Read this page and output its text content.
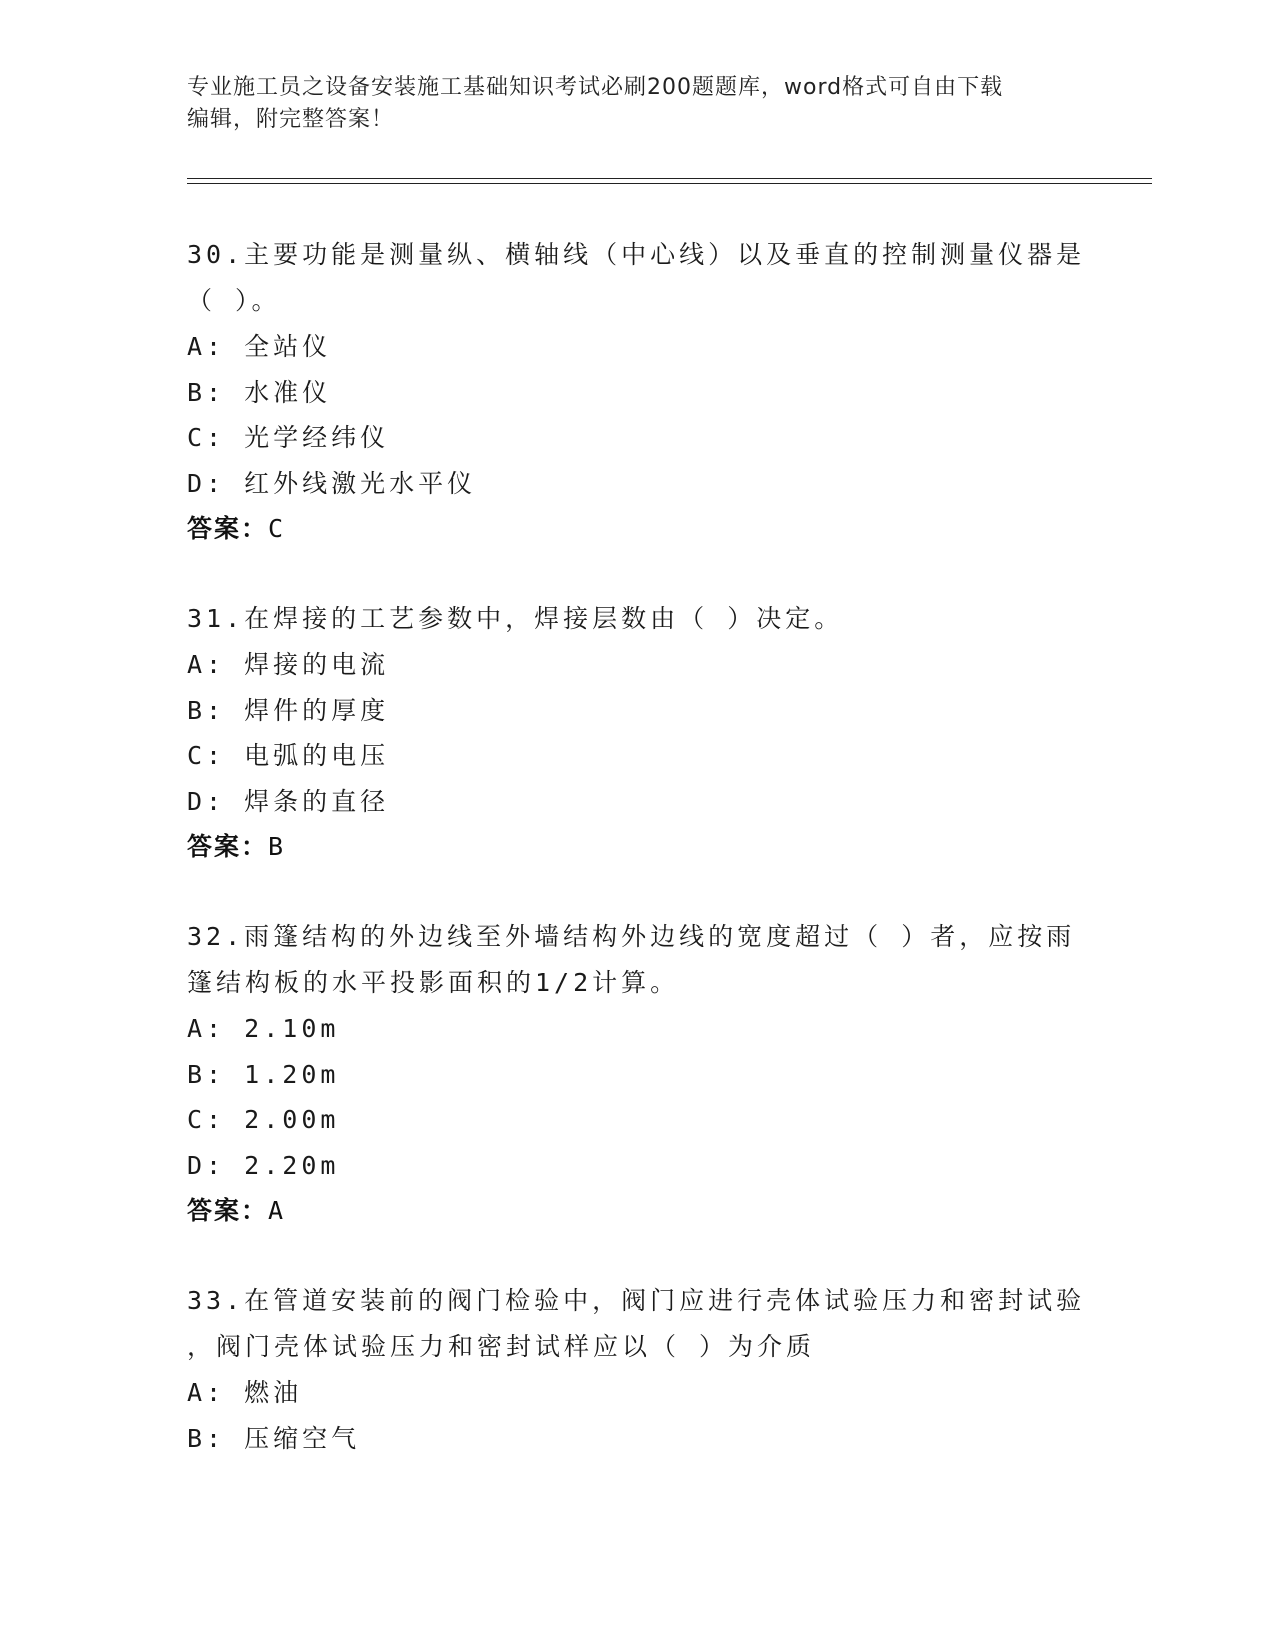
专业施工员之设备安装施工基础知识考试必刷200题题库，word格式可自由下载
编辑，附完整答案！
30.主要功能是测量纵、横轴线（中心线）以及垂直的控制测量仪器是
（ ）。
A: 全站仪
B: 水准仪
C: 光学经纬仪
D: 红外线激光水平仪
答案：C
31.在焊接的工艺参数中，焊接层数由（ ）决定。
A: 焊接的电流
B: 焊件的厚度
C: 电弧的电压
D: 焊条的直径
答案：B
32.雨篷结构的外边线至外墙结构外边线的宽度超过（ ）者，应按雨
篷结构板的水平投影面积的1/2计算。
A: 2.10m
B: 1.20m
C: 2.00m
D: 2.20m
答案：A
33.在管道安装前的阀门检验中，阀门应进行壳体试验压力和密封试验
，阀门壳体试验压力和密封试样应以（ ）为介质
A: 燃油
B: 压缩空气
